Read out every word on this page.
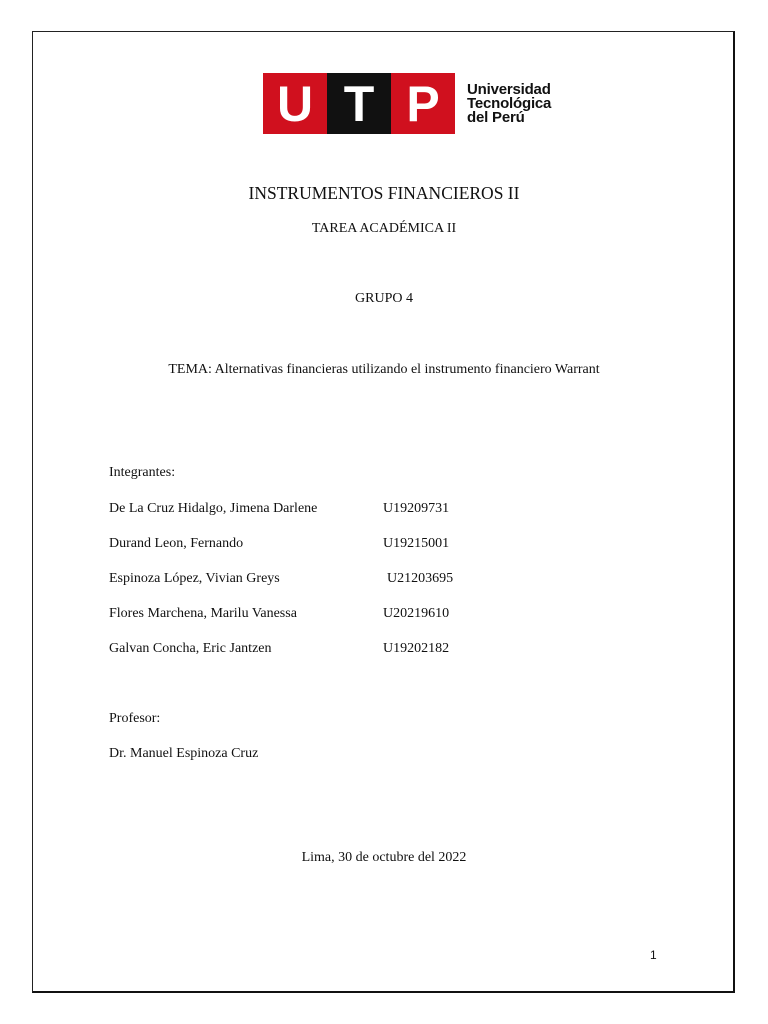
U T P Universidad
Tecnológica
del Perú
INSTRUMENTOS FINANCIEROS II
TAREA ACADÉMICA II
GRUPO 4
TEMA: Alternativas financieras utilizando el instrumento financiero Warrant
Integrantes:
De La Cruz Hidalgo, Jimena Darlene	U19209731
Durand Leon, Fernando	U19215001
Espinoza López, Vivian Greys	U21203695
Flores Marchena, Marilu Vanessa	U20219610
Galvan Concha, Eric Jantzen	U19202182
Profesor:
Dr. Manuel Espinoza Cruz
Lima, 30 de octubre del 2022
1
